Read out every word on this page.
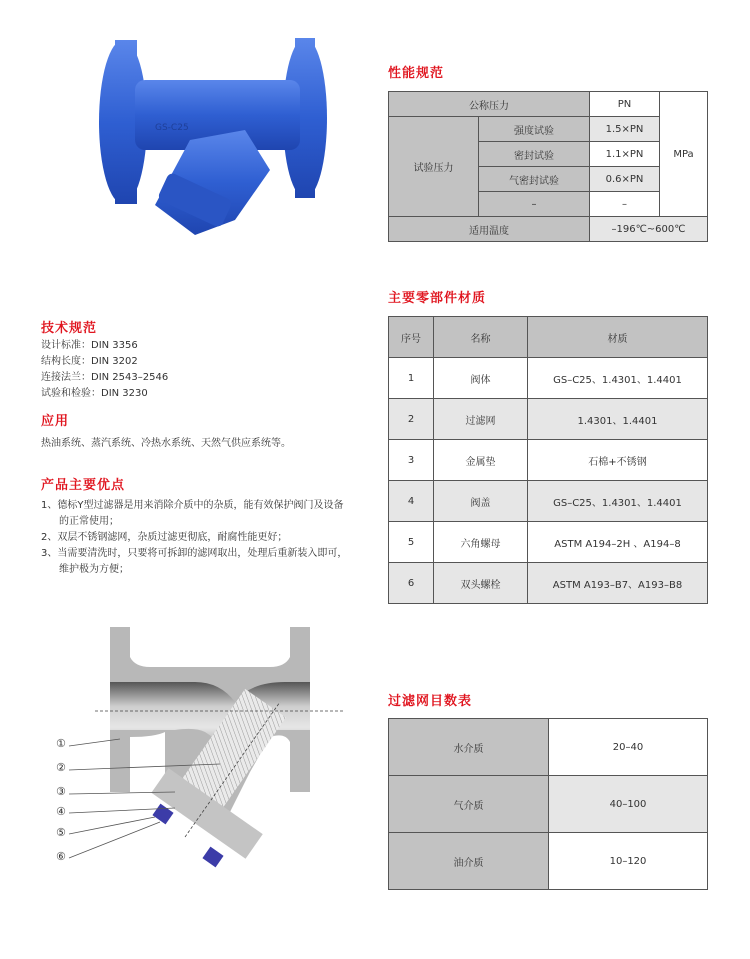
GS-C25
性能规范
公称压力		PN	MPa
试验压力	强度试验	1.5×PN	
	密封试验	1.1×PN	
	气密封试验	0.6×PN	
	–	–	
适用温度		–196℃~600℃	
技术规范
设计标准：DIN 3356
结构长度：DIN 3202
连接法兰：DIN 2543–2546
试验和检验：DIN 3230
应用
热油系统、蒸汽系统、冷热水系统、天然气供应系统等。
产品主要优点
1、德标Y型过滤器是用来消除介质中的杂质，能有效保护阀门及设备
的正常使用；
2、双层不锈钢滤网，杂质过滤更彻底，耐腐性能更好；
3、当需要清洗时，只要将可拆卸的滤网取出，处理后重新装入即可，
维护极为方便；
主要零部件材质
序号	名称	材质
1	阀体	GS–C25、1.4301、1.4401
2	过滤网	1.4301、1.4401
3	金属垫	石棉+不锈钢
4	阀盖	GS–C25、1.4301、1.4401
5	六角螺母	ASTM A194–2H 、A194–8
6	双头螺栓	ASTM A193–B7、A193–B8
①
②
③
④
⑤
⑥
过滤网目数表
水介质	20–40
气介质	40–100
油介质	10–120
